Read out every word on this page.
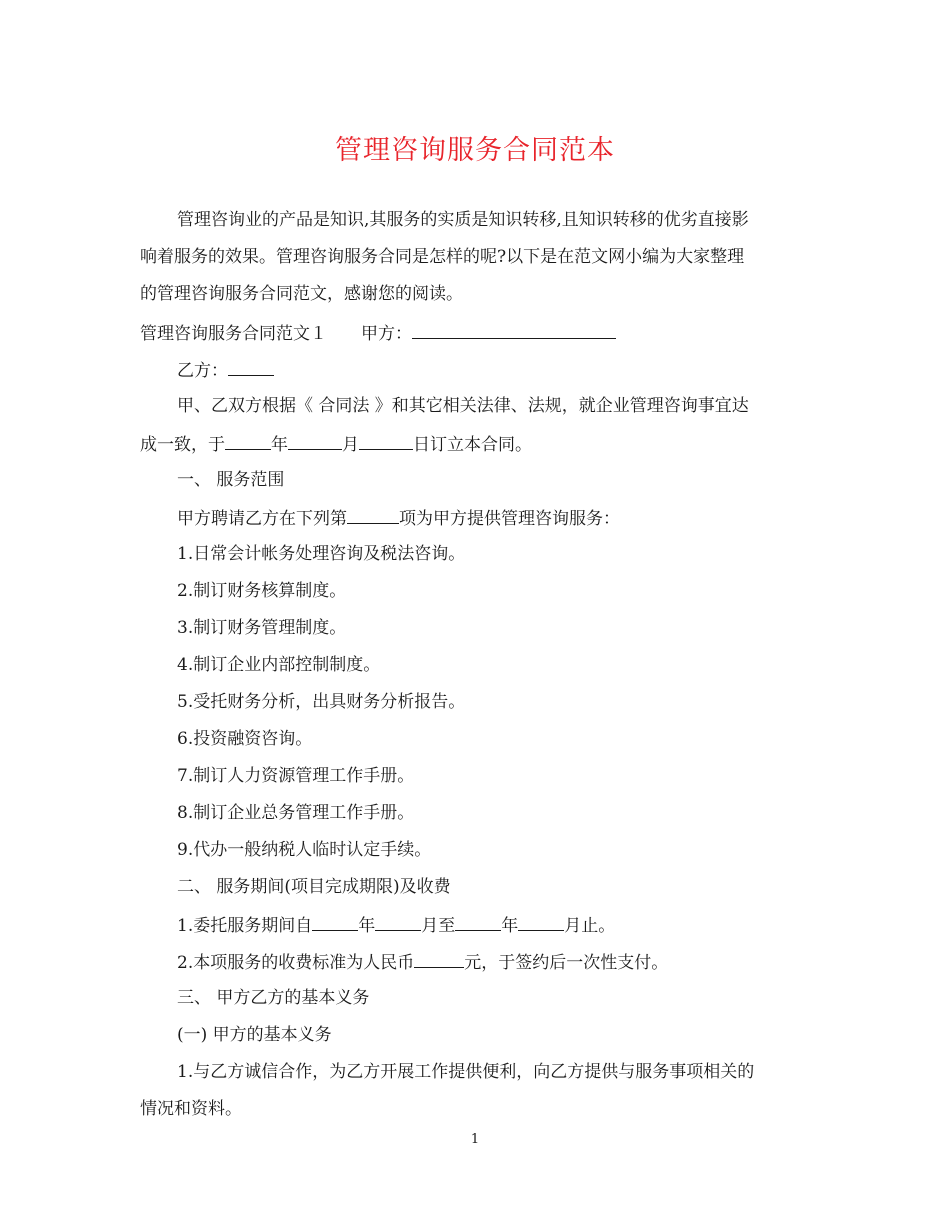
管理咨询服务合同范本
管理咨询业的产品是知识,其服务的实质是知识转移,且知识转移的优劣直接影
响着服务的效果。管理咨询服务合同是怎样的呢?以下是在范文网小编为大家整理
的管理咨询服务合同范文，感谢您的阅读。
管理咨询服务合同范文１ 甲方：
乙方：
甲、乙双方根据《 合同法 》和其它相关法律、法规，就企业管理咨询事宜达
成一致，于	年	月	日订立本合同。
一、 服务范围
甲方聘请乙方在下列第	项为甲方提供管理咨询服务：
1.日常会计帐务处理咨询及税法咨询。
2.制订财务核算制度。
3.制订财务管理制度。
4.制订企业内部控制制度。
5.受托财务分析，出具财务分析报告。
6.投资融资咨询。
7.制订人力资源管理工作手册。
8.制订企业总务管理工作手册。
9.代办一般纳税人临时认定手续。
二、 服务期间(项目完成期限)及收费
1.委托服务期间自	年	月至	年	月止。
2.本项服务的收费标准为人民币	元，于签约后一次性支付。
三、 甲方乙方的基本义务
(一) 甲方的基本义务
1.与乙方诚信合作，为乙方开展工作提供便利，向乙方提供与服务事项相关的
情况和资料。
1
